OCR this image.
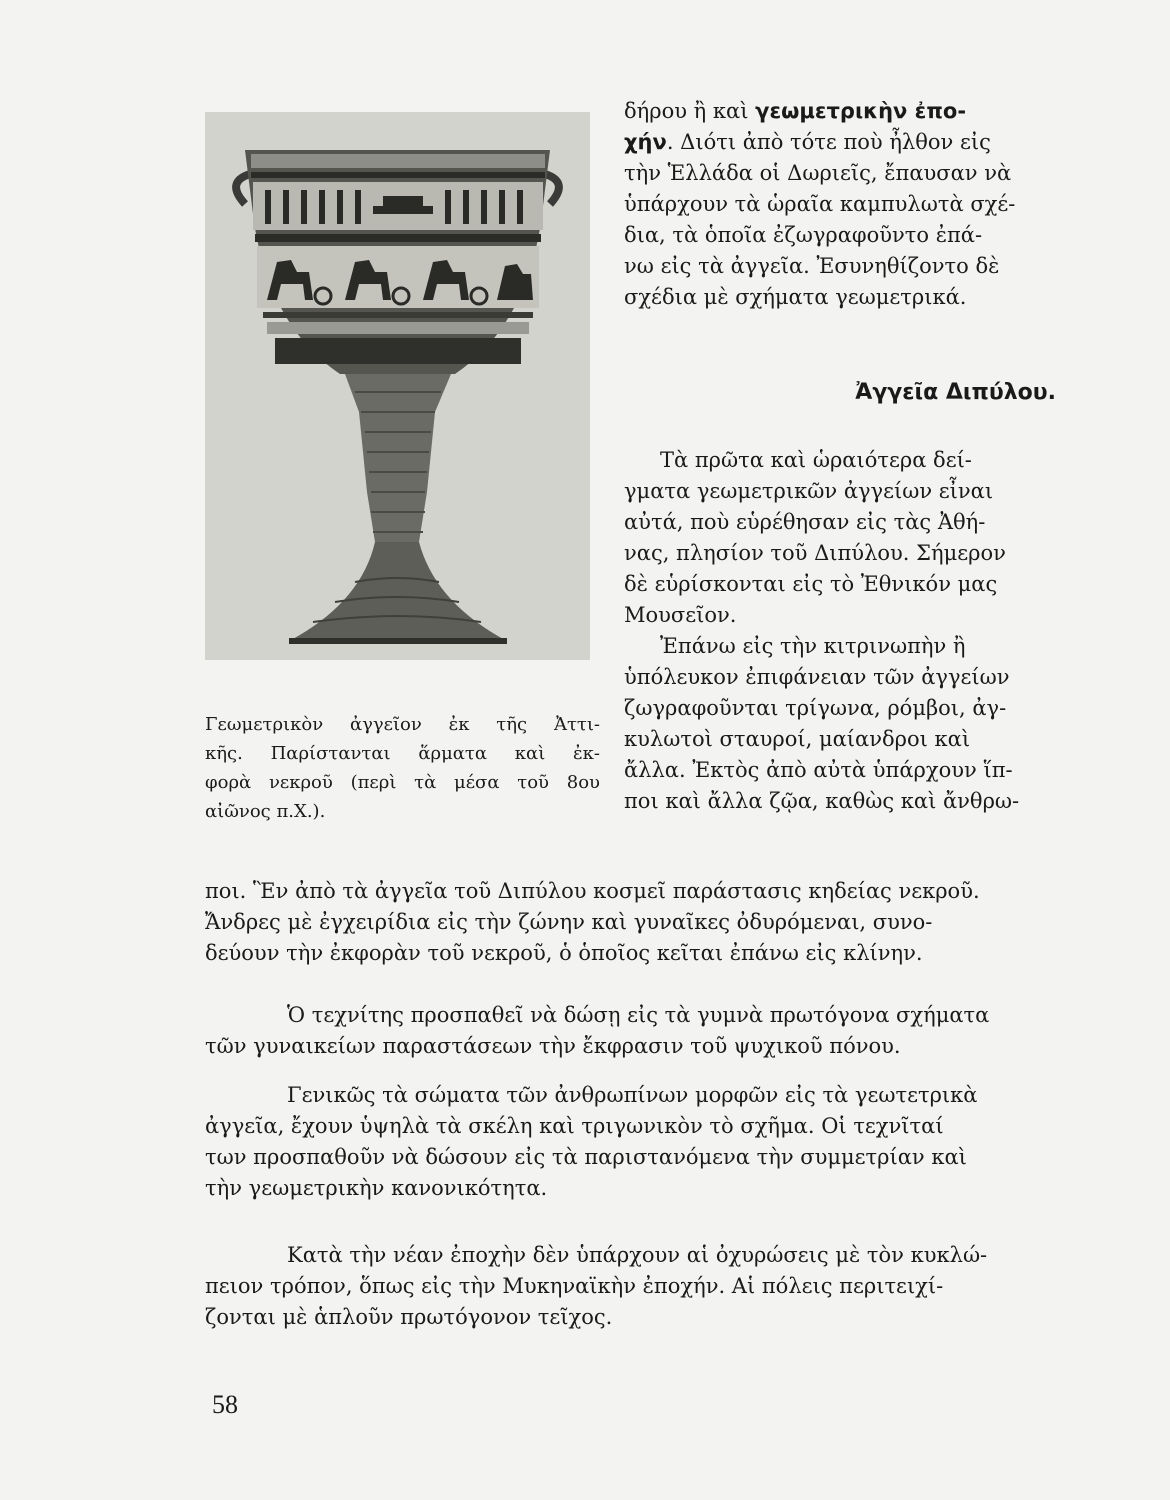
Γεωμετρικὸν ἀγγεῖον ἐκ τῆς Ἀττι-
κῆς. Παρίστανται ἅρματα καὶ ἐκ-
φορὰ νεκροῦ (περὶ τὰ μέσα τοῦ 8ου
αἰῶνος π.Χ.).
δήρου ἢ καὶ γεωμετρικὴν ἐπο-
χήν. Διότι ἀπὸ τότε ποὺ ἦλθον εἰς
τὴν Ἑλλάδα οἱ Δωριεῖς, ἔπαυσαν νὰ
ὑπάρχουν τὰ ὡραῖα καμπυλωτὰ σχέ-
δια, τὰ ὁποῖα ἐζωγραφοῦντο ἐπά-
νω εἰς τὰ ἀγγεῖα. Ἐσυνηθίζοντο δὲ
σχέδια μὲ σχήματα γεωμετρικά.
Ἀγγεῖα Διπύλου.
Τὰ πρῶτα καὶ ὡραιότερα δεί-
γματα γεωμετρικῶν ἀγγείων εἶναι
αὐτά, ποὺ εὑρέθησαν εἰς τὰς Ἀθή-
νας, πλησίον τοῦ Διπύλου. Σήμερον
δὲ εὑρίσκονται εἰς τὸ Ἐθνικόν μας
Μουσεῖον.
Ἐπάνω εἰς τὴν κιτρινωπὴν ἢ
ὑπόλευκον ἐπιφάνειαν τῶν ἀγγείων
ζωγραφοῦνται τρίγωνα, ρόμβοι, ἀγ-
κυλωτοὶ σταυροί, μαίανδροι καὶ
ἄλλα. Ἐκτὸς ἀπὸ αὐτὰ ὑπάρχουν ἵπ-
ποι καὶ ἄλλα ζῷα, καθὼς καὶ ἄνθρω-
ποι. Ἓν ἀπὸ τὰ ἀγγεῖα τοῦ Διπύλου κοσμεῖ παράστασις κηδείας νεκροῦ.
Ἄνδρες μὲ ἐγχειρίδια εἰς τὴν ζώνην καὶ γυναῖκες ὀδυρόμεναι, συνο-
δεύουν τὴν ἐκφορὰν τοῦ νεκροῦ, ὁ ὁποῖος κεῖται ἐπάνω εἰς κλίνην.
Ὁ τεχνίτης προσπαθεῖ νὰ δώσῃ εἰς τὰ γυμνὰ πρωτόγονα σχήματα
τῶν γυναικείων παραστάσεων τὴν ἔκφρασιν τοῦ ψυχικοῦ πόνου.
Γενικῶς τὰ σώματα τῶν ἀνθρωπίνων μορφῶν εἰς τὰ γεωτετρικὰ
ἀγγεῖα, ἔχουν ὑψηλὰ τὰ σκέλη καὶ τριγωνικὸν τὸ σχῆμα. Οἱ τεχνῖταί
των προσπαθοῦν νὰ δώσουν εἰς τὰ παριστανόμενα τὴν συμμετρίαν καὶ
τὴν γεωμετρικὴν κανονικότητα.
Κατὰ τὴν νέαν ἐποχὴν δὲν ὑπάρχουν αἱ ὀχυρώσεις μὲ τὸν κυκλώ-
πειον τρόπον, ὅπως εἰς τὴν Μυκηναϊκὴν ἐποχήν. Αἱ πόλεις περιτειχί-
ζονται μὲ ἁπλοῦν πρωτόγονον τεῖχος.
58
